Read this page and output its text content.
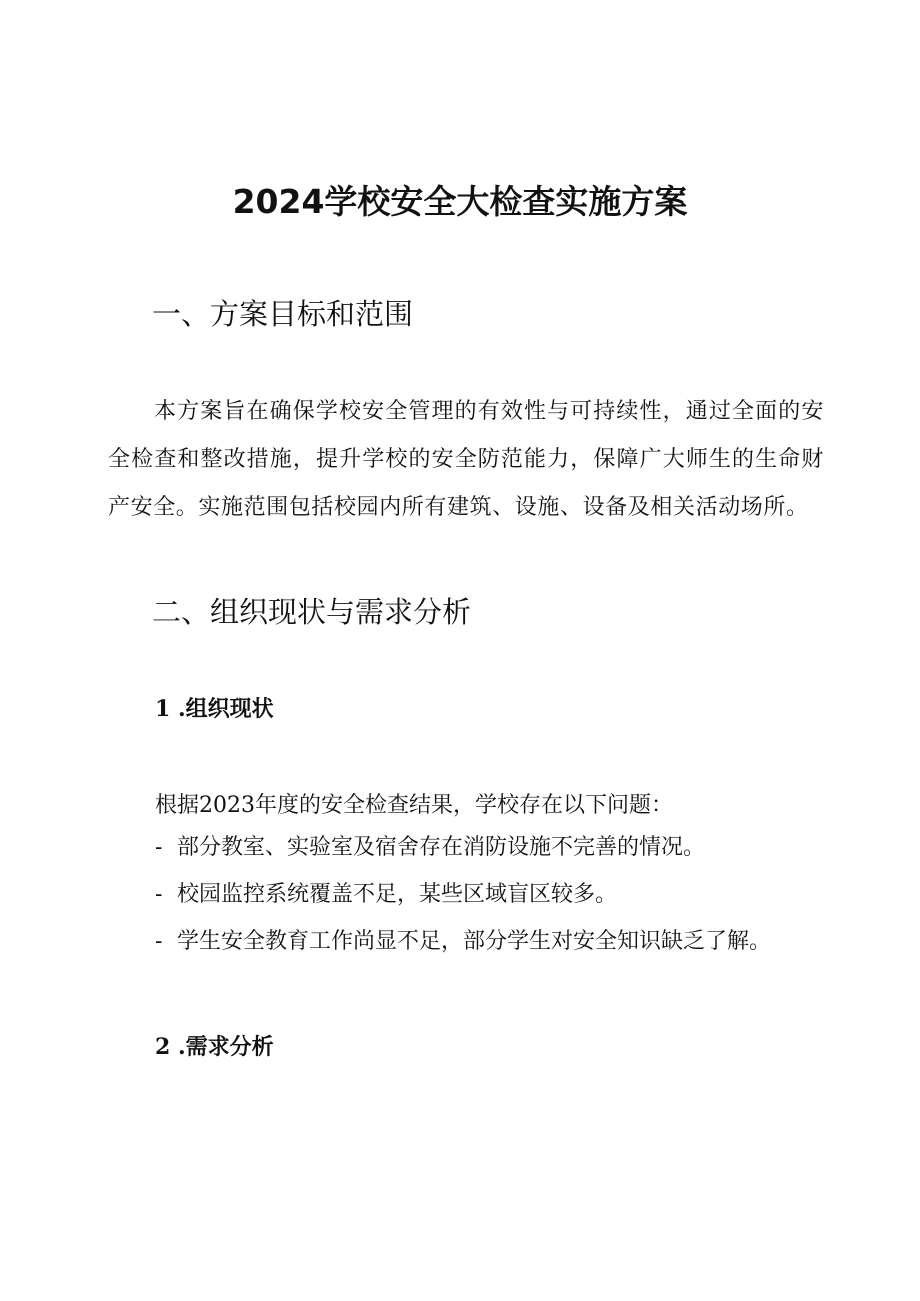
2024学校安全大检查实施方案
一、方案目标和范围

本方案旨在确保学校安全管理的有效性与可持续性，通过全面的安全检查和整改措施，提升学校的安全防范能力，保障广大师生的生命财产安全。实施范围包括校园内所有建筑、设施、设备及相关活动场所。

二、组织现状与需求分析
1 .组织现状

根据2023年度的安全检查结果，学校存在以下问题：

- 部分教室、实验室及宿舍存在消防设施不完善的情况。
- 校园监控系统覆盖不足，某些区域盲区较多。
- 学生安全教育工作尚显不足，部分学生对安全知识缺乏了解。
2 .需求分析
